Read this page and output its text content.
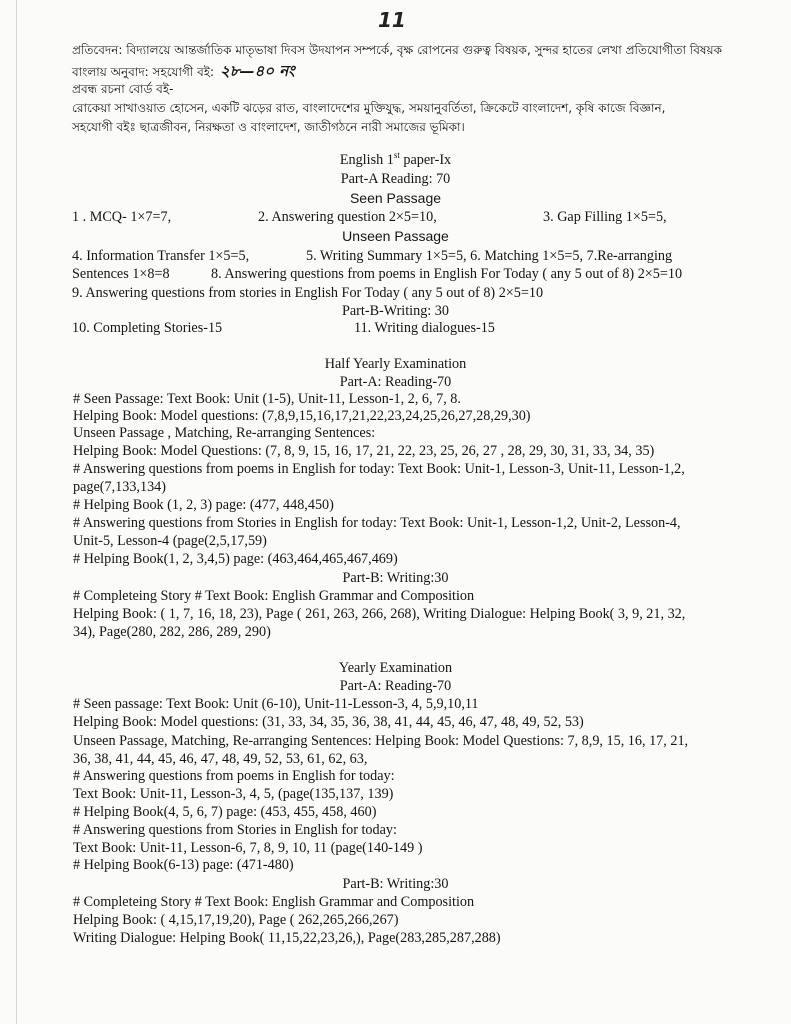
11
প্রতিবেদন: বিদ্যালয়ে আন্তর্জাতিক মাতৃভাষা দিবস উদযাপন সম্পর্কে, বৃক্ষ রোপনের গুরুত্ব বিষয়ক, সুন্দর হাতের লেখা প্রতিযোগীতা বিষয়ক
বাংলায় অনুবাদ: সহযোগী বই: ২৮—৪০ নং
প্রবন্ধ রচনা বোর্ড বই-
রোকেয়া সাখাওয়াত হোসেন, একটি ঝড়ের রাত, বাংলাদেশের মুক্তিযুদ্ধ, সময়ানুবর্তিতা, ক্রিকেটে বাংলাদেশ, কৃষি কাজে বিজ্ঞান,
সহযোগী বইঃ ছাত্রজীবন, নিরক্ষতা ও বাংলাদেশ, জাতীগঠনে নারী সমাজের ভূমিকা।
English 1st paper-Ix
Part-A Reading: 70
Seen Passage
1 . MCQ- 1×7=7,	2. Answering question 2×5=10,	3. Gap Filling 1×5=5,
Unseen Passage
4. Information Transfer 1×5=5,	5. Writing Summary 1×5=5, 6. Matching 1×5=5, 7.Re-arranging
Sentences 1×8=8	8. Answering questions from poems in English For Today ( any 5 out of 8) 2×5=10
9. Answering questions from stories in English For Today ( any 5 out of 8) 2×5=10
Part-B-Writing: 30
10. Completing Stories-15	11. Writing dialogues-15
Half Yearly Examination
Part-A: Reading-70
# Seen Passage: Text Book: Unit (1-5), Unit-11, Lesson-1, 2, 6, 7, 8.
Helping Book: Model questions: (7,8,9,15,16,17,21,22,23,24,25,26,27,28,29,30)
Unseen Passage , Matching, Re-arranging Sentences:
Helping Book: Model Questions: (7, 8, 9, 15, 16, 17, 21, 22, 23, 25, 26, 27 , 28, 29, 30, 31, 33, 34, 35)
# Answering questions from poems in English for today: Text Book: Unit-1, Lesson-3, Unit-11, Lesson-1,2,
page(7,133,134)
# Helping Book (1, 2, 3) page: (477, 448,450)
# Answering questions from Stories in English for today: Text Book: Unit-1, Lesson-1,2, Unit-2, Lesson-4,
Unit-5, Lesson-4 (page(2,5,17,59)
# Helping Book(1, 2, 3,4,5) page: (463,464,465,467,469)
Part-B: Writing:30
# Completeing Story # Text Book: English Grammar and Composition
Helping Book: ( 1, 7, 16, 18, 23), Page ( 261, 263, 266, 268), Writing Dialogue: Helping Book( 3, 9, 21, 32,
34), Page(280, 282, 286, 289, 290)
Yearly Examination
Part-A: Reading-70
# Seen passage: Text Book: Unit (6-10), Unit-11-Lesson-3, 4, 5,9,10,11
Helping Book: Model questions: (31, 33, 34, 35, 36, 38, 41, 44, 45, 46, 47, 48, 49, 52, 53)
Unseen Passage, Matching, Re-arranging Sentences: Helping Book: Model Questions: 7, 8,9, 15, 16, 17, 21,
36, 38, 41, 44, 45, 46, 47, 48, 49, 52, 53, 61, 62, 63,
# Answering questions from poems in English for today:
Text Book: Unit-11, Lesson-3, 4, 5, (page(135,137, 139)
# Helping Book(4, 5, 6, 7) page: (453, 455, 458, 460)
# Answering questions from Stories in English for today:
Text Book: Unit-11, Lesson-6, 7, 8, 9, 10, 11 (page(140-149 )
# Helping Book(6-13) page: (471-480)
Part-B: Writing:30
# Completeing Story # Text Book: English Grammar and Composition
Helping Book: ( 4,15,17,19,20), Page ( 262,265,266,267)
Writing Dialogue: Helping Book( 11,15,22,23,26,), Page(283,285,287,288)
